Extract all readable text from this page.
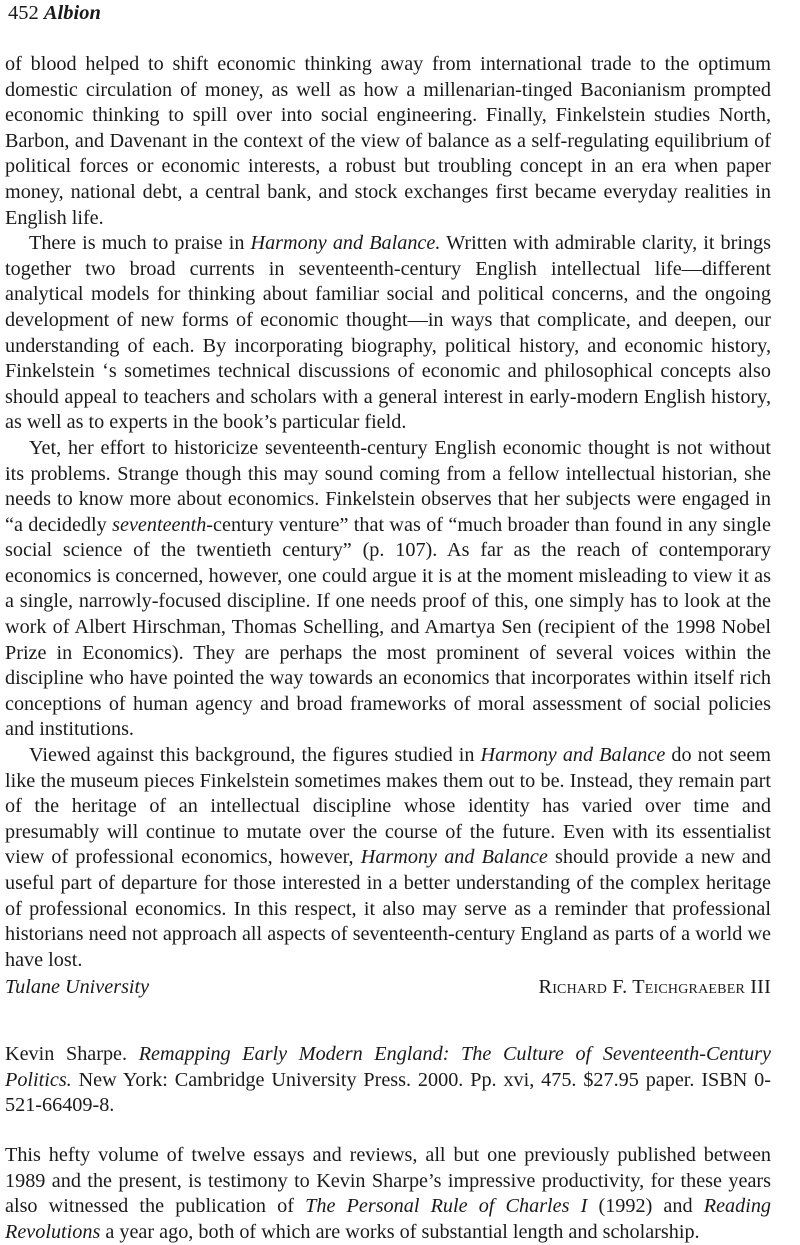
452 Albion

of blood helped to shift economic thinking away from international trade to the optimum domestic circulation of money, as well as how a millenarian-tinged Baconianism prompted economic thinking to spill over into social engineering. Finally, Finkelstein studies North, Barbon, and Davenant in the context of the view of balance as a self-regulating equilibrium of political forces or economic interests, a robust but troubling concept in an era when paper money, national debt, a central bank, and stock exchanges first became everyday realities in English life.

There is much to praise in Harmony and Balance. Written with admirable clarity, it brings together two broad currents in seventeenth-century English intellectual life—different analytical models for thinking about familiar social and political concerns, and the ongoing development of new forms of economic thought—in ways that complicate, and deepen, our understanding of each. By incorporating biography, political history, and economic history, Finkelstein ‘s sometimes technical discussions of economic and philosophical concepts also should appeal to teachers and scholars with a general interest in early-modern English history, as well as to experts in the book’s particular field.

Yet, her effort to historicize seventeenth-century English economic thought is not without its problems. Strange though this may sound coming from a fellow intellectual historian, she needs to know more about economics. Finkelstein observes that her subjects were engaged in “a decidedly seventeenth-century venture” that was of “much broader than found in any single social science of the twentieth century” (p. 107). As far as the reach of contemporary economics is concerned, however, one could argue it is at the moment misleading to view it as a single, narrowly-focused discipline. If one needs proof of this, one simply has to look at the work of Albert Hirschman, Thomas Schelling, and Amartya Sen (recipient of the 1998 Nobel Prize in Economics). They are perhaps the most prominent of several voices within the discipline who have pointed the way towards an economics that incorporates within itself rich conceptions of human agency and broad frameworks of moral assessment of social policies and institutions.

Viewed against this background, the figures studied in Harmony and Balance do not seem like the museum pieces Finkelstein sometimes makes them out to be. Instead, they remain part of the heritage of an intellectual discipline whose identity has varied over time and presumably will continue to mutate over the course of the future. Even with its essentialist view of professional economics, however, Harmony and Balance should provide a new and useful part of departure for those interested in a better understanding of the complex heritage of professional economics. In this respect, it also may serve as a reminder that professional historians need not approach all aspects of seventeenth-century England as parts of a world we have lost.

Tulane University	Richard F. Teichgraeber III
Kevin Sharpe. Remapping Early Modern England: The Culture of Seventeenth-Century Politics. New York: Cambridge University Press. 2000. Pp. xvi, 475. $27.95 paper. ISBN 0-521-66409-8.
This hefty volume of twelve essays and reviews, all but one previously published between 1989 and the present, is testimony to Kevin Sharpe’s impressive productivity, for these years also witnessed the publication of The Personal Rule of Charles I (1992) and Reading Revolutions a year ago, both of which are works of substantial length and scholarship.
